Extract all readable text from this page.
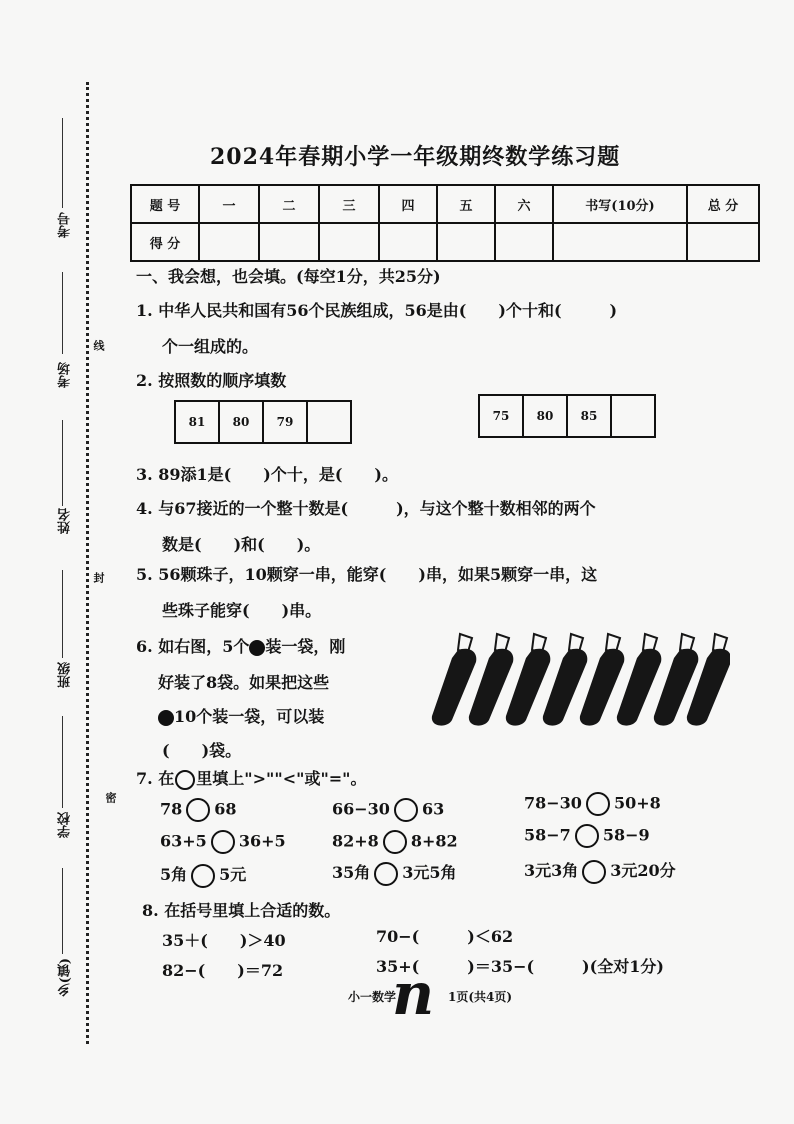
考号
考场
姓名
班级
学校
乡(镇)
线
封
密
2024年春期小学一年级期终数学练习题
题 号	一	二	三	四	五	六	书写(10分)	总 分
得 分								
一、我会想，也会填。(每空1分，共25分)
1. 中华人民共和国有56个民族组成，56是由(　　)个十和(　　　)
个一组成的。
2. 按照数的顺序填数
81	80	79		75	80	85	
3. 89添1是(　　)个十，是(　　)。
4. 与67接近的一个整十数是(　　　)，与这个整十数相邻的两个
数是(　　)和(　　)。
5. 56颗珠子，10颗穿一串，能穿(　　)串，如果5颗穿一串，这
些珠子能穿(　　)串。
6. 如右图，5个 装一袋，刚
好装了8袋。如果把这些
10个装一袋，可以装
(　　)袋。
7. 在 里填上">""<"或"="。
78 68	66−30 63	78−30 50+8
63+5 36+5	82+8 8+82	58−7 58−9
5角 5元	35角 3元5角	3元3角 3元20分
8. 在括号里填上合适的数。
35＋(　　)＞40	70−(　　　)＜62
82−(　　)＝72	35+(　　　)＝35−(　　　)(全对1分)
小一数学	1页(共4页)
n
